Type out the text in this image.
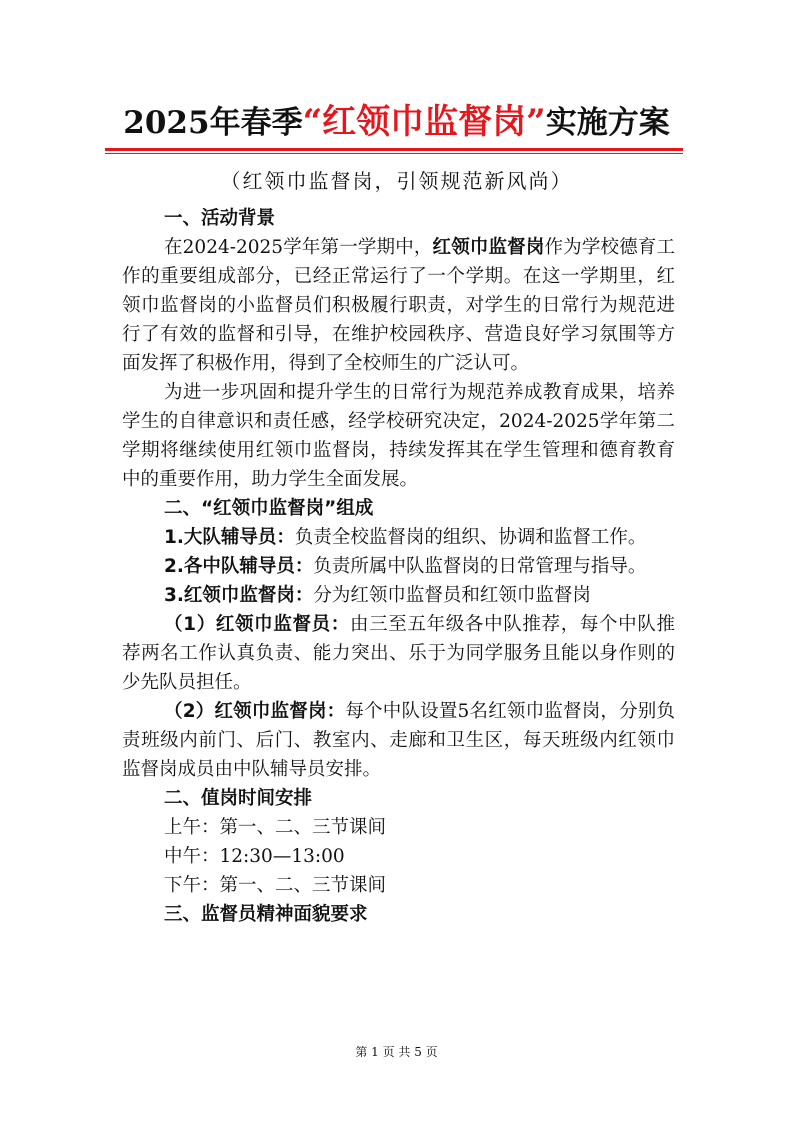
2025年春季“红领巾监督岗”实施方案
（红领巾监督岗，引领规范新风尚）

一、活动背景

在2024-2025学年第一学期中，红领巾监督岗作为学校德育工作的重要组成部分，已经正常运行了一个学期。在这一学期里，红领巾监督岗的小监督员们积极履行职责，对学生的日常行为规范进行了有效的监督和引导，在维护校园秩序、营造良好学习氛围等方面发挥了积极作用，得到了全校师生的广泛认可。

为进一步巩固和提升学生的日常行为规范养成教育成果，培养学生的自律意识和责任感，经学校研究决定，2024-2025学年第二学期将继续使用红领巾监督岗，持续发挥其在学生管理和德育教育中的重要作用，助力学生全面发展。

二、“红领巾监督岗”组成

1.大队辅导员：负责全校监督岗的组织、协调和监督工作。

2.各中队辅导员：负责所属中队监督岗的日常管理与指导。

3.红领巾监督岗：分为红领巾监督员和红领巾监督岗

（1）红领巾监督员：由三至五年级各中队推荐，每个中队推荐两名工作认真负责、能力突出、乐于为同学服务且能以身作则的少先队员担任。

（2）红领巾监督岗：每个中队设置5名红领巾监督岗，分别负责班级内前门、后门、教室内、走廊和卫生区，每天班级内红领巾监督岗成员由中队辅导员安排。

二、值岗时间安排

上午：第一、二、三节课间

中午：12:30—13:00

下午：第一、二、三节课间

三、监督员精神面貌要求

第 1 页 共 5 页
